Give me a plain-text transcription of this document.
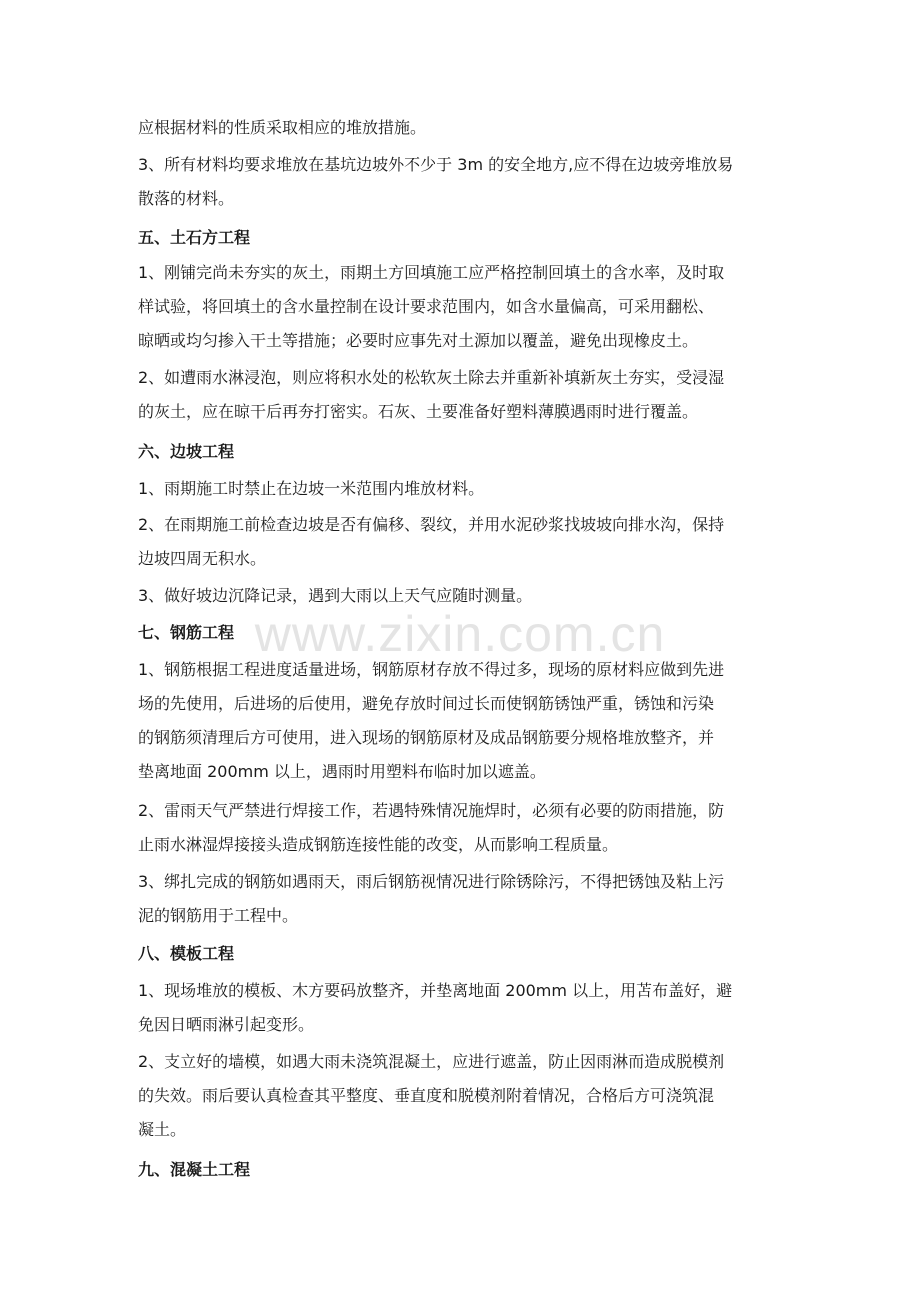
www.zixin.com.cn
应根据材料的性质采取相应的堆放措施。
3、所有材料均要求堆放在基坑边坡外不少于 3m 的安全地方,应不得在边坡旁堆放易
散落的材料。
五、土石方工程
1、刚铺完尚未夯实的灰土，雨期土方回填施工应严格控制回填土的含水率，及时取
样试验，将回填土的含水量控制在设计要求范围内，如含水量偏高，可采用翻松、
晾晒或均匀掺入干土等措施；必要时应事先对土源加以覆盖，避免出现橡皮土。
2、如遭雨水淋浸泡，则应将积水处的松软灰土除去并重新补填新灰土夯实，受浸湿
的灰土，应在晾干后再夯打密实。石灰、土要准备好塑料薄膜遇雨时进行覆盖。
六、边坡工程
1、雨期施工时禁止在边坡一米范围内堆放材料。
2、在雨期施工前检查边坡是否有偏移、裂纹，并用水泥砂浆找坡坡向排水沟，保持
边坡四周无积水。
3、做好坡边沉降记录，遇到大雨以上天气应随时测量。
七、钢筋工程
1、钢筋根据工程进度适量进场，钢筋原材存放不得过多，现场的原材料应做到先进
场的先使用，后进场的后使用，避免存放时间过长而使钢筋锈蚀严重，锈蚀和污染
的钢筋须清理后方可使用，进入现场的钢筋原材及成品钢筋要分规格堆放整齐，并
垫离地面 200mm 以上，遇雨时用塑料布临时加以遮盖。
2、雷雨天气严禁进行焊接工作，若遇特殊情况施焊时，必须有必要的防雨措施，防
止雨水淋湿焊接接头造成钢筋连接性能的改变，从而影响工程质量。
3、绑扎完成的钢筋如遇雨天，雨后钢筋视情况进行除锈除污，不得把锈蚀及粘上污
泥的钢筋用于工程中。
八、模板工程
1、现场堆放的模板、木方要码放整齐，并垫离地面 200mm 以上，用苫布盖好，避
免因日晒雨淋引起变形。
2、支立好的墙模，如遇大雨未浇筑混凝土，应进行遮盖，防止因雨淋而造成脱模剂
的失效。雨后要认真检查其平整度、垂直度和脱模剂附着情况，合格后方可浇筑混
凝土。
九、混凝土工程
